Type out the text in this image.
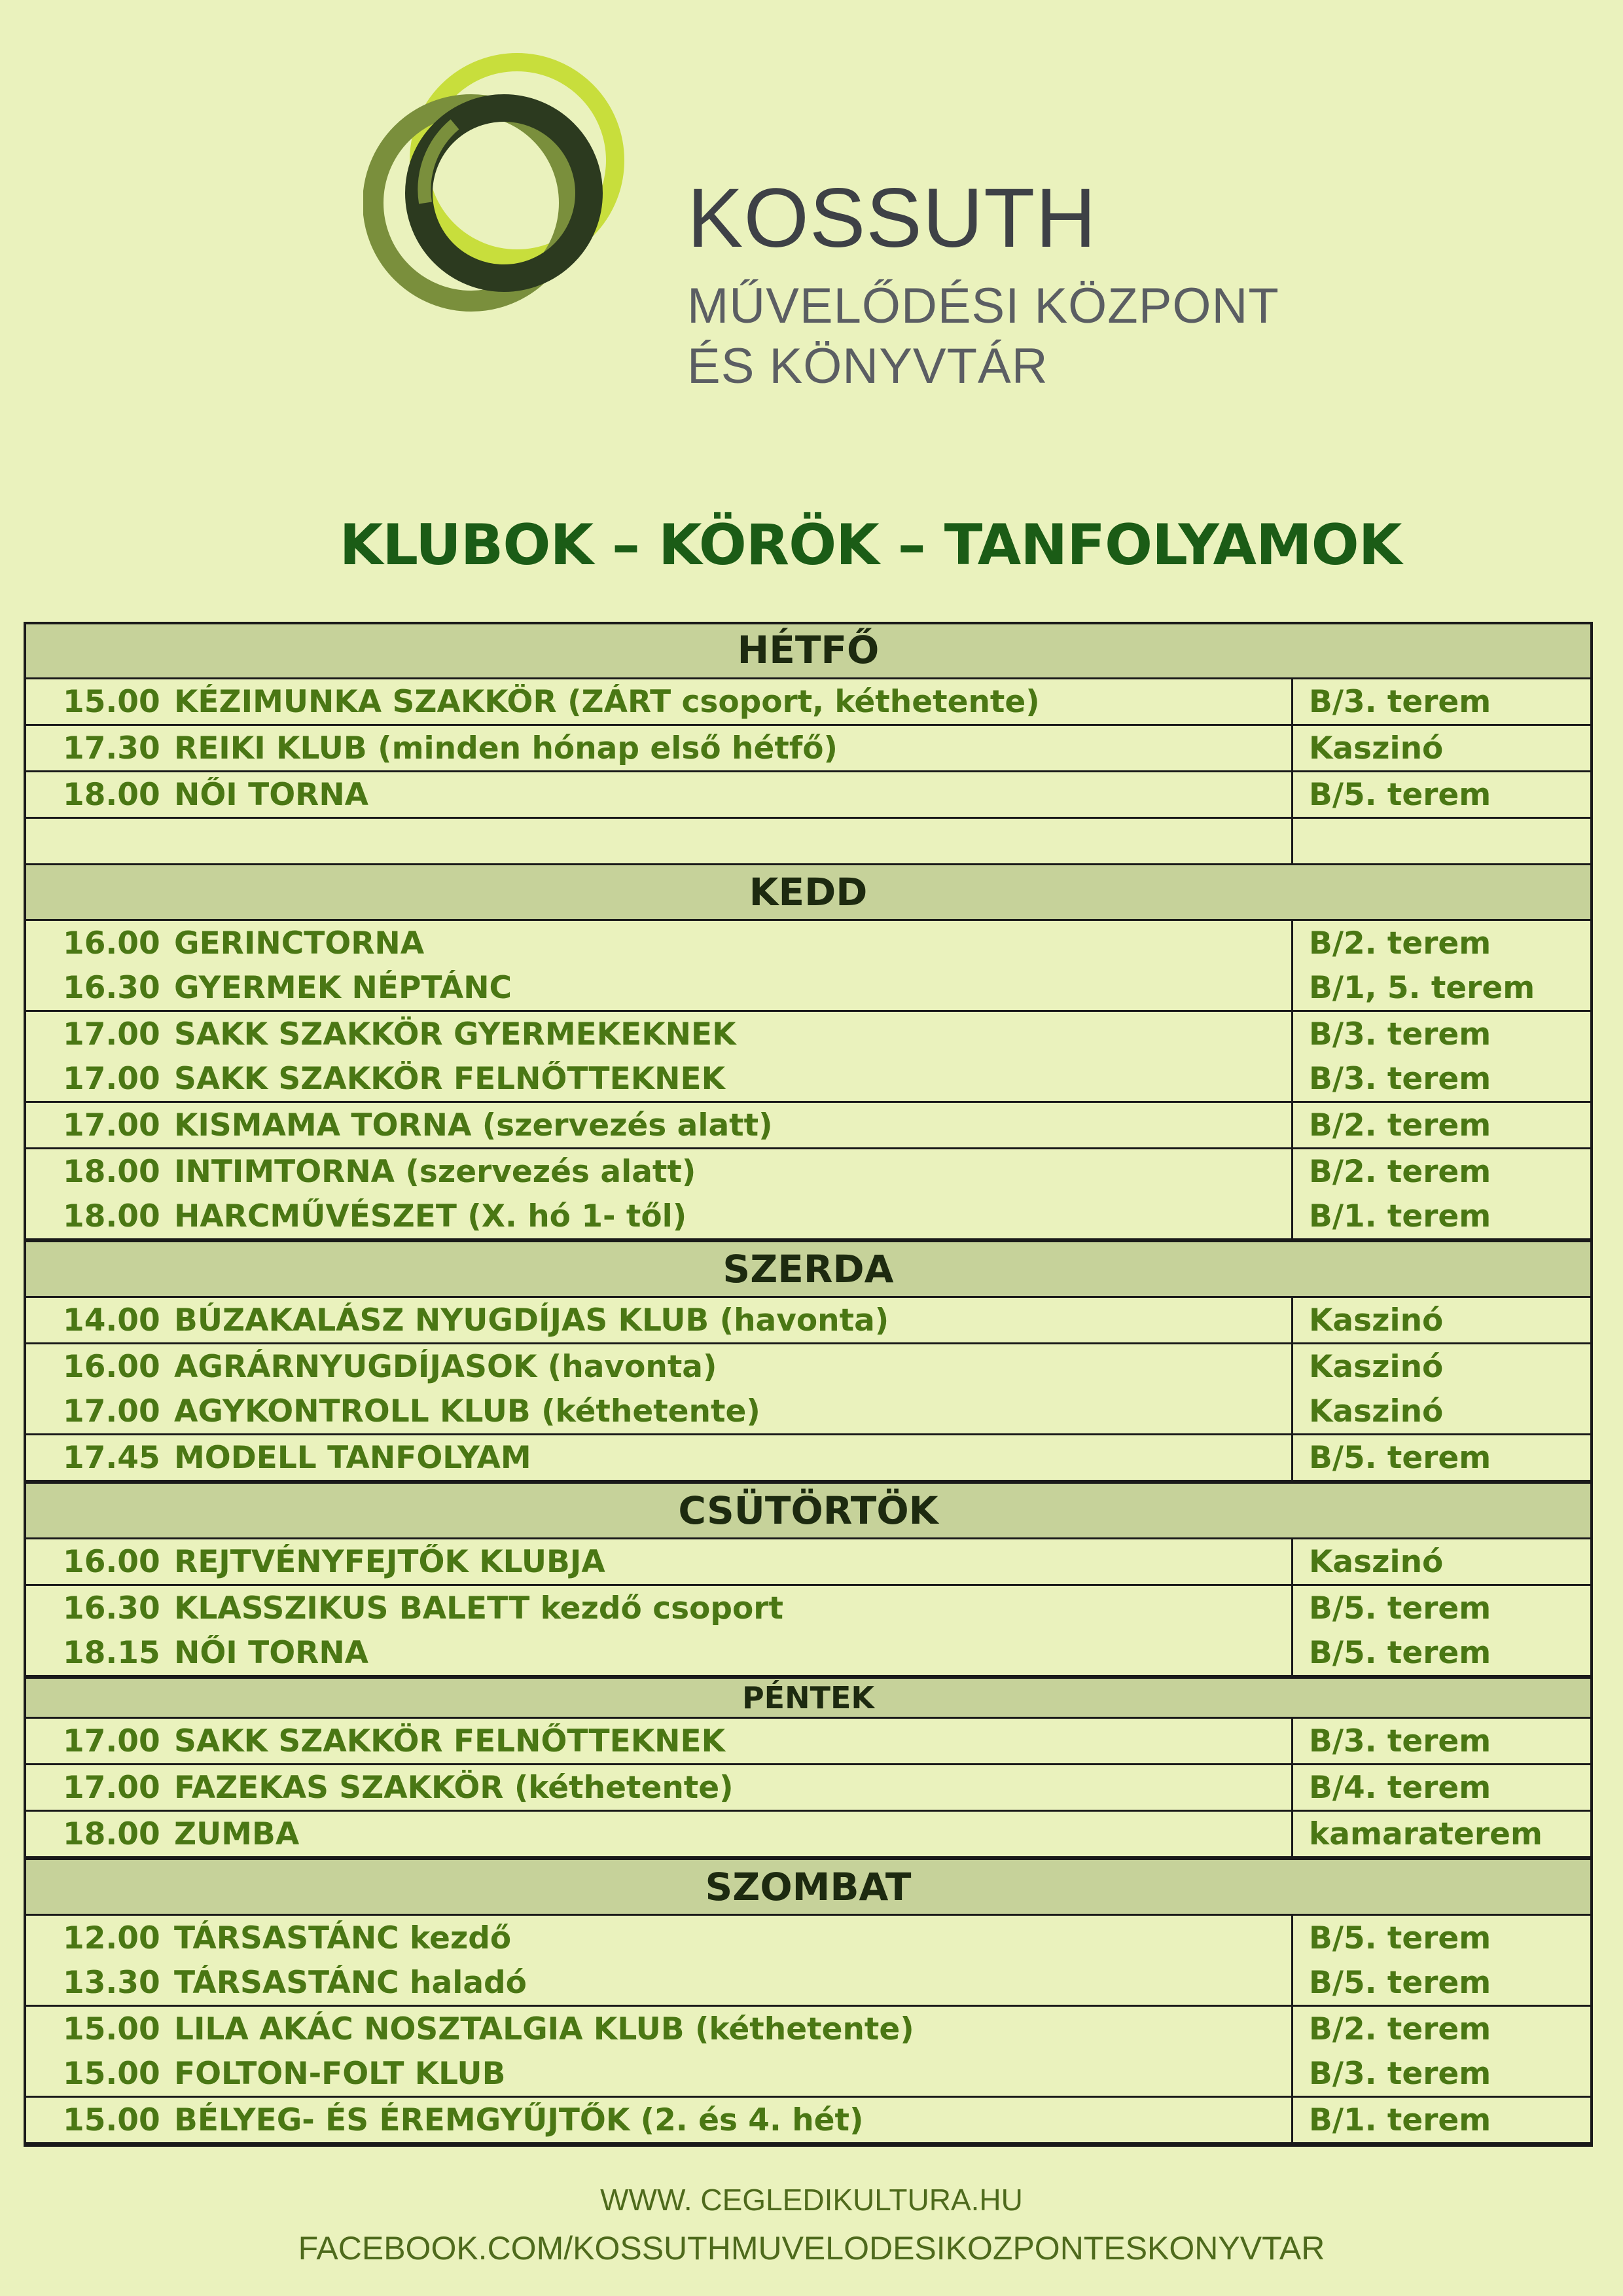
KOSSUTH
MŰVELŐDÉSI KÖZPONT
ÉS KÖNYVTÁR
KLUBOK – KÖRÖK – TANFOLYAMOK
HÉTFŐ
15.00 KÉZIMUNKA SZAKKÖR (ZÁRT csoport, kéthetente)	B/3. terem
17.30 REIKI KLUB (minden hónap első hétfő)	Kaszinó
18.00 NŐI TORNA	B/5. terem
KEDD
16.00 GERINCTORNA	B/2. terem
16.30 GYERMEK NÉPTÁNC	B/1, 5. terem
17.00 SAKK SZAKKÖR GYERMEKEKNEK	B/3. terem
17.00 SAKK SZAKKÖR FELNŐTTEKNEK	B/3. terem
17.00 KISMAMA TORNA (szervezés alatt)	B/2. terem
18.00 INTIMTORNA (szervezés alatt)	B/2. terem
18.00 HARCMŰVÉSZET (X. hó 1- től)	B/1. terem
SZERDA
14.00 BÚZAKALÁSZ NYUGDÍJAS KLUB (havonta)	Kaszinó
16.00 AGRÁRNYUGDÍJASOK (havonta)	Kaszinó
17.00 AGYKONTROLL KLUB (kéthetente)	Kaszinó
17.45 MODELL TANFOLYAM	B/5. terem
CSÜTÖRTÖK
16.00 REJTVÉNYFEJTŐK KLUBJA	Kaszinó
16.30 KLASSZIKUS BALETT kezdő csoport	B/5. terem
18.15 NŐI TORNA	B/5. terem
PÉNTEK
17.00 SAKK SZAKKÖR FELNŐTTEKNEK	B/3. terem
17.00 FAZEKAS SZAKKÖR (kéthetente)	B/4. terem
18.00 ZUMBA	kamaraterem
SZOMBAT
12.00 TÁRSASTÁNC kezdő	B/5. terem
13.30 TÁRSASTÁNC haladó	B/5. terem
15.00 LILA AKÁC NOSZTALGIA KLUB (kéthetente)	B/2. terem
15.00 FOLTON-FOLT KLUB	B/3. terem
15.00 BÉLYEG- ÉS ÉREMGYŰJTŐK (2. és 4. hét)	B/1. terem
WWW. CEGLEDIKULTURA.HU
FACEBOOK.COM/KOSSUTHMUVELODESIKOZPONTESKONYVTAR
